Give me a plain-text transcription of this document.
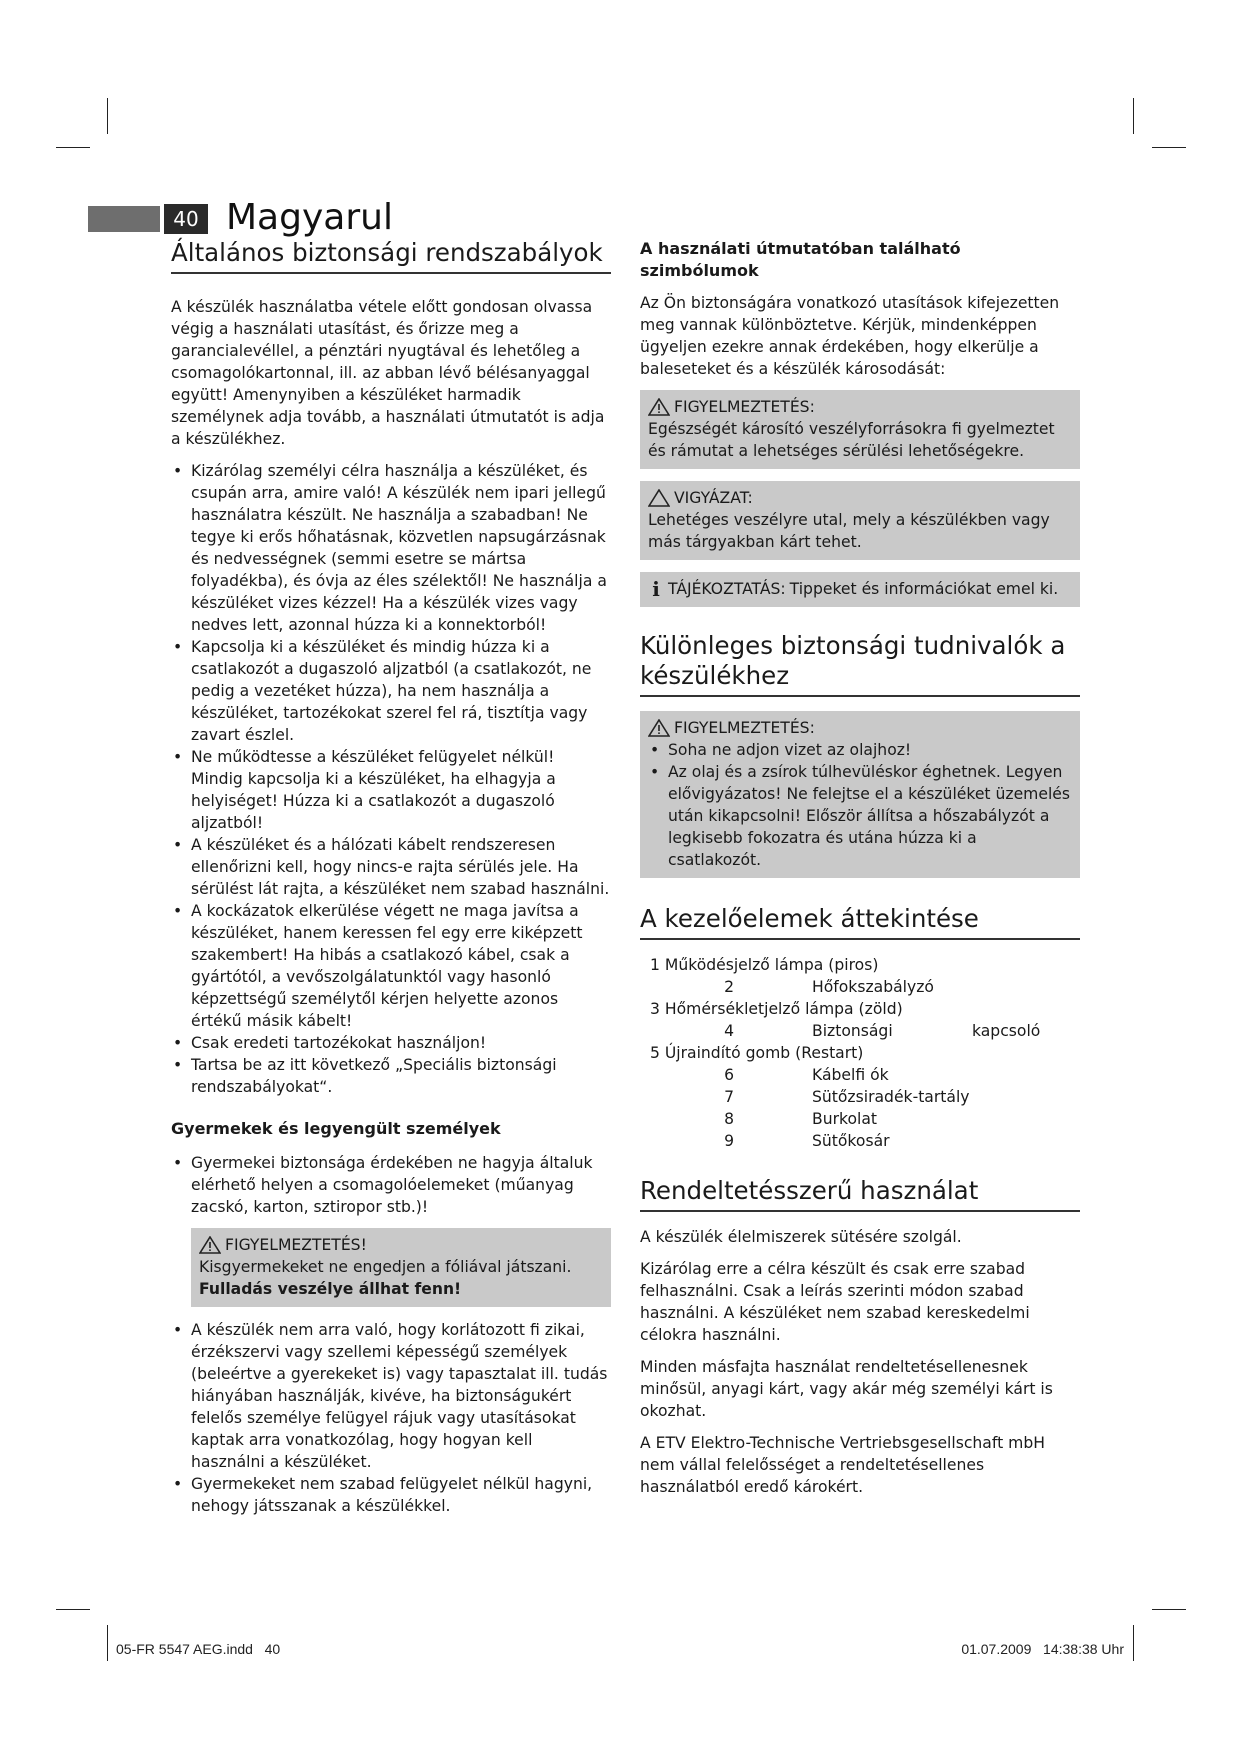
40 Magyarul
Általános biztonsági rendszabályok

A készülék használatba vétele előtt gondosan olvassa végig a használati utasítást, és őrizze meg a garancialevéllel, a pénztári nyugtával és lehetőleg a csomagolókartonnal, ill. az abban lévő bélésanyaggal együtt! Amenynyiben a készüléket harmadik személynek adja tovább, a használati útmutatót is adja a készülékhez.

• Kizárólag személyi célra használja a készüléket, és csupán arra, amire való! A készülék nem ipari jellegű használatra készült. Ne használja a szabadban! Ne tegye ki erős hőhatásnak, közvetlen napsugárzásnak és nedvességnek (semmi esetre se mártsa folyadékba), és óvja az éles szélektől! Ne használja a készüléket vizes kézzel! Ha a készülék vizes vagy nedves lett, azonnal húzza ki a konnektorból!
• Kapcsolja ki a készüléket és mindig húzza ki a csatlakozót a dugaszoló aljzatból (a csatlakozót, ne pedig a vezetéket húzza), ha nem használja a készüléket, tartozékokat szerel fel rá, tisztítja vagy zavart észlel.
• Ne működtesse a készüléket felügyelet nélkül! Mindig kapcsolja ki a készüléket, ha elhagyja a helyiséget! Húzza ki a csatlakozót a dugaszoló aljzatból!
• A készüléket és a hálózati kábelt rendszeresen ellenőrizni kell, hogy nincs-e rajta sérülés jele. Ha sérülést lát rajta, a készüléket nem szabad használni.
• A kockázatok elkerülése végett ne maga javítsa a készüléket, hanem keressen fel egy erre kiképzett szakembert! Ha hibás a csatlakozó kábel, csak a gyártótól, a vevőszolgálatunktól vagy hasonló képzettségű személytől kérjen helyette azonos értékű másik kábelt!
• Csak eredeti tartozékokat használjon!
• Tartsa be az itt következő „Speciális biztonsági rendszabályokat“.
Gyermekek és legyengült személyek
• Gyermekei biztonsága érdekében ne hagyja általuk elérhető helyen a csomagolóelemeket (műanyag zacskó, karton, sztiropor stb.)!
FIGYELMEZTETÉS!
Kisgyermekeket ne engedjen a fóliával játszani.
Fulladás veszélye állhat fenn!
• A készülék nem arra való, hogy korlátozott fi zikai, érzékszervi vagy szellemi képességű személyek (beleértve a gyerekeket is) vagy tapasztalat ill. tudás hiányában használják, kivéve, ha biztonságukért felelős személye felügyel rájuk vagy utasításokat kaptak arra vonatkozólag, hogy hogyan kell használni a készüléket.
• Gyermekeket nem szabad felügyelet nélkül hagyni, nehogy játsszanak a készülékkel.
A használati útmutatóban található szimbólumok

Az Ön biztonságára vonatkozó utasítások kifejezetten meg vannak különböztetve. Kérjük, mindenképpen ügyeljen ezekre annak érdekében, hogy elkerülje a baleseteket és a készülék károsodását:

FIGYELMEZTETÉS:
Egészségét károsító veszélyforrásokra fi gyelmeztet és rámutat a lehetséges sérülési lehetőségekre.
VIGYÁZAT:
Lehetéges veszélyre utal, mely a készülékben vagy más tárgyakban kárt tehet.
i TÁJÉKOZTATÁS: Tippeket és információkat emel ki.
Különleges biztonsági tudnivalók a készülékhez
FIGYELMEZTETÉS:
• Soha ne adjon vizet az olajhoz!
• Az olaj és a zsírok túlhevüléskor éghetnek. Legyen elővigyázatos! Ne felejtse el a készüléket üzemelés után kikapcsolni! Először állítsa a hőszabályzót a legkisebb fokozatra és utána húzza ki a csatlakozót.
A kezelőelemek áttekintése
1 Működésjelző lámpa (piros)
2	Hőfokszabályzó
3 Hőmérsékletjelző lámpa (zöld)
4	Biztonsági	kapcsoló
5 Újraindító gomb (Restart)
6	Kábelfi ók
7	Sütőzsiradék-tartály
8	Burkolat
9	Sütőkosár
Rendeltetésszerű használat

A készülék élelmiszerek sütésére szolgál.

Kizárólag erre a célra készült és csak erre szabad felhasználni. Csak a leírás szerinti módon szabad használni. A készüléket nem szabad kereskedelmi célokra használni.

Minden másfajta használat rendeltetésellenesnek minősül, anyagi kárt, vagy akár még személyi kárt is okozhat.

A ETV Elektro-Technische Vertriebsgesellschaft mbH nem vállal felelősséget a rendeltetésellenes használatból eredő károkért.

05-FR 5547 AEG.indd   40	01.07.2009   14:38:38 Uhr
